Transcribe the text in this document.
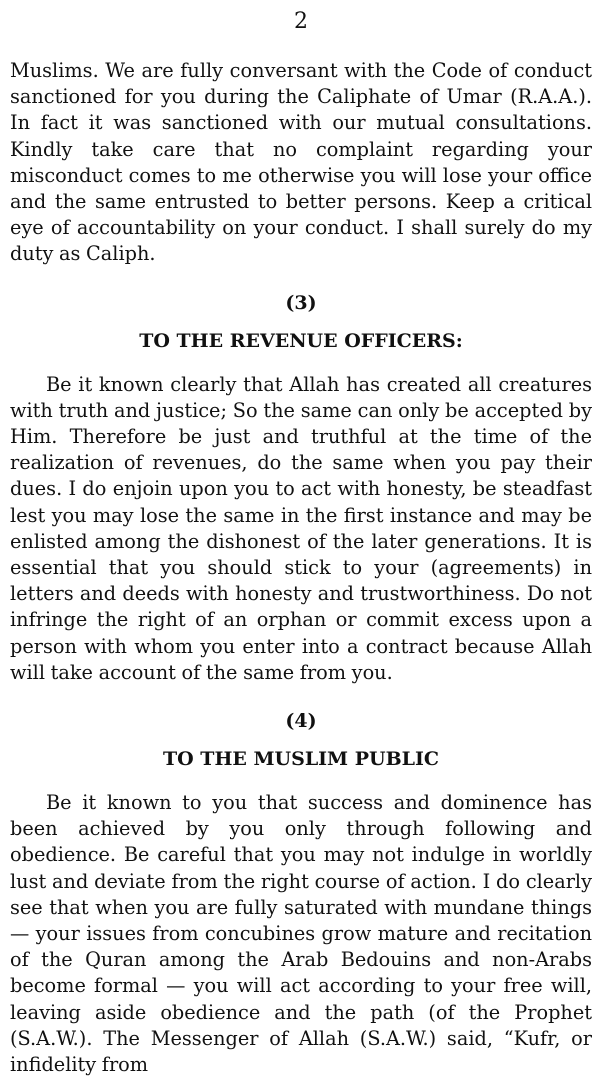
2

Muslims. We are fully conversant with the Code of conduct sanctioned for you during the Caliphate of Umar (R.A.A.). In fact it was sanctioned with our mutual consultations. Kindly take care that no complaint regarding your misconduct comes to me otherwise you will lose your office and the same entrusted to better persons. Keep a critical eye of accountability on your conduct. I shall surely do my duty as Caliph.

(3)
TO THE REVENUE OFFICERS:

Be it known clearly that Allah has created all creatures with truth and justice; So the same can only be accepted by Him. Therefore be just and truthful at the time of the realization of revenues, do the same when you pay their dues. I do enjoin upon you to act with honesty, be steadfast lest you may lose the same in the first instance and may be enlisted among the dishonest of the later generations. It is essential that you should stick to your (agreements) in letters and deeds with honesty and trustworthiness. Do not infringe the right of an orphan or commit excess upon a person with whom you enter into a contract because Allah will take account of the same from you.

(4)
TO THE MUSLIM PUBLIC

Be it known to you that success and dominence has been achieved by you only through following and obedience. Be careful that you may not indulge in worldly lust and deviate from the right course of action. I do clearly see that when you are fully saturated with mundane things — your issues from concubines grow mature and recitation of the Quran among the Arab Bedouins and non-Arabs become formal — you will act according to your free will, leaving aside obedience and the path (of the Prophet (S.A.W.). The Messenger of Allah (S.A.W.) said, “Kufr, or infidelity from
